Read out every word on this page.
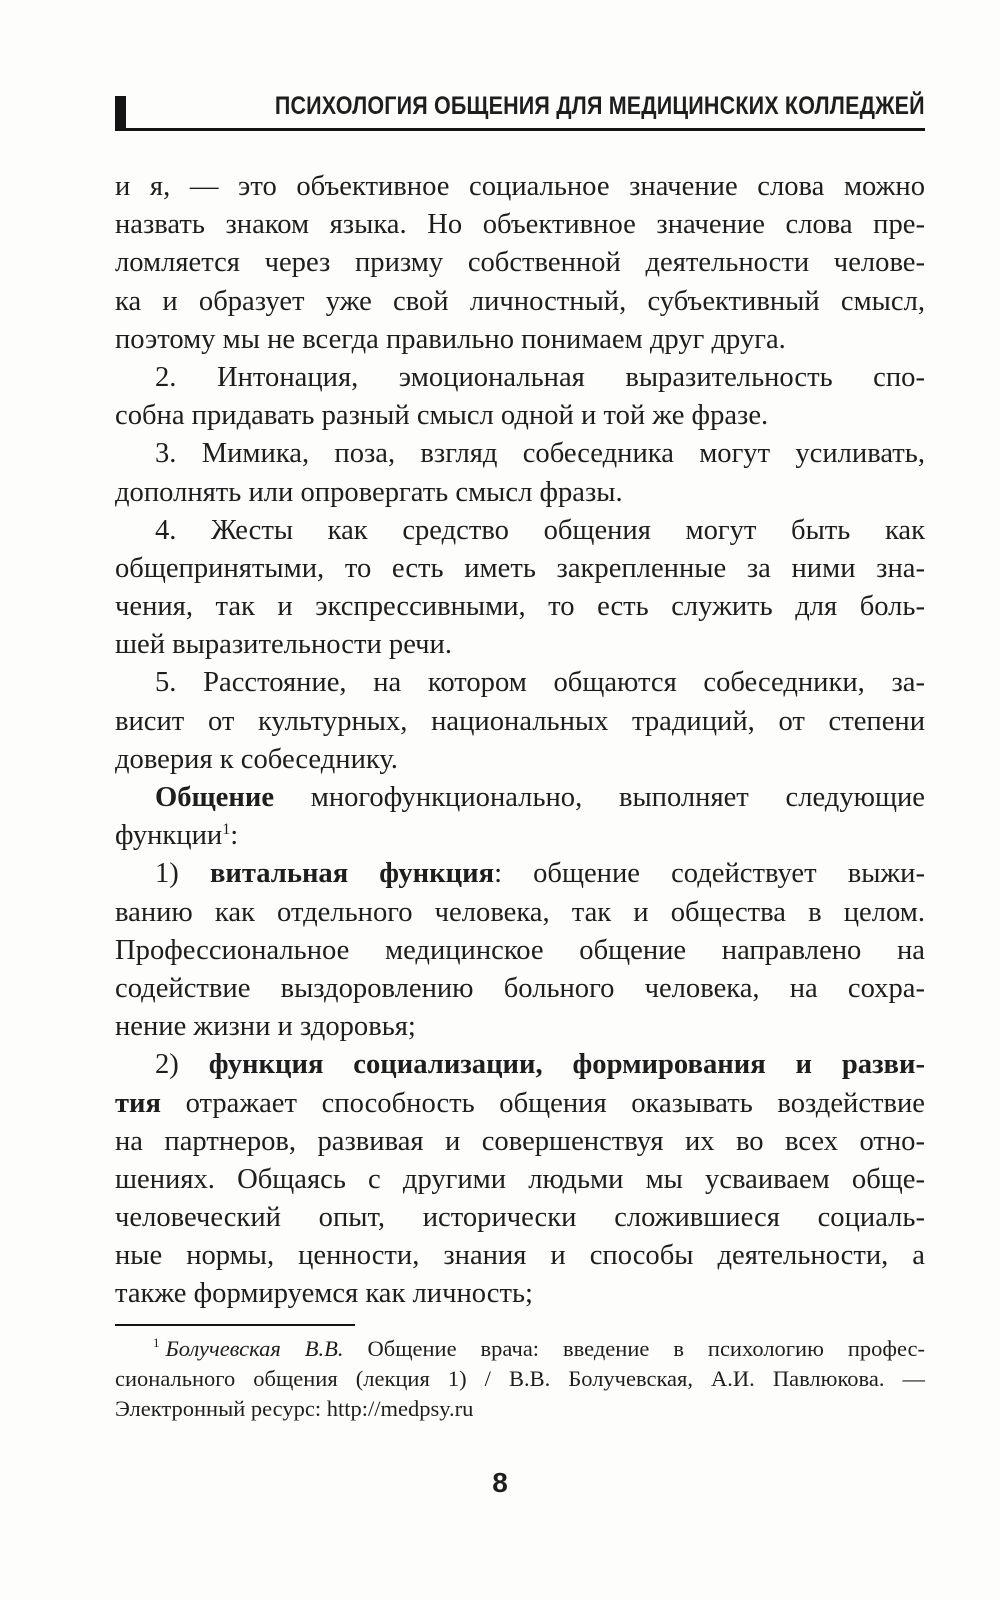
ПСИХОЛОГИЯ ОБЩЕНИЯ ДЛЯ МЕДИЦИНСКИХ КОЛЛЕДЖЕЙ
и я, — это объективное социальное значение слова можно
назвать знаком языка. Но объективное значение слова пре-
ломляется через призму собственной деятельности челове-
ка и образует уже свой личностный, субъективный смысл,
поэтому мы не всегда правильно понимаем друг друга.
2. Интонация, эмоциональная выразительность спо-
собна придавать разный смысл одной и той же фразе.
3. Мимика, поза, взгляд собеседника могут усиливать,
дополнять или опровергать смысл фразы.
4. Жесты как средство общения могут быть как
общепринятыми, то есть иметь закрепленные за ними зна-
чения, так и экспрессивными, то есть служить для боль-
шей выразительности речи.
5. Расстояние, на котором общаются собеседники, за-
висит от культурных, национальных традиций, от степени
доверия к собеседнику.
Общение многофункционально, выполняет следующие
функции$^1$:
1) витальная функция: общение содействует выжи-
ванию как отдельного человека, так и общества в целом.
Профессиональное медицинское общение направлено на
содействие выздоровлению больного человека, на сохра-
нение жизни и здоровья;
2) функция социализации, формирования и разви-
тия отражает способность общения оказывать воздействие
на партнеров, развивая и совершенствуя их во всех отно-
шениях. Общаясь с другими людьми мы усваиваем обще-
человеческий опыт, исторически сложившиеся социаль-
ные нормы, ценности, знания и способы деятельности, а
также формируемся как личность;
$^1$ Болучевская В.В. Общение врача: введение в психологию профес-
сионального общения (лекция 1) / В.В. Болучевская, А.И. Павлюкова. —
Электронный ресурс: http://medpsy.ru
8
